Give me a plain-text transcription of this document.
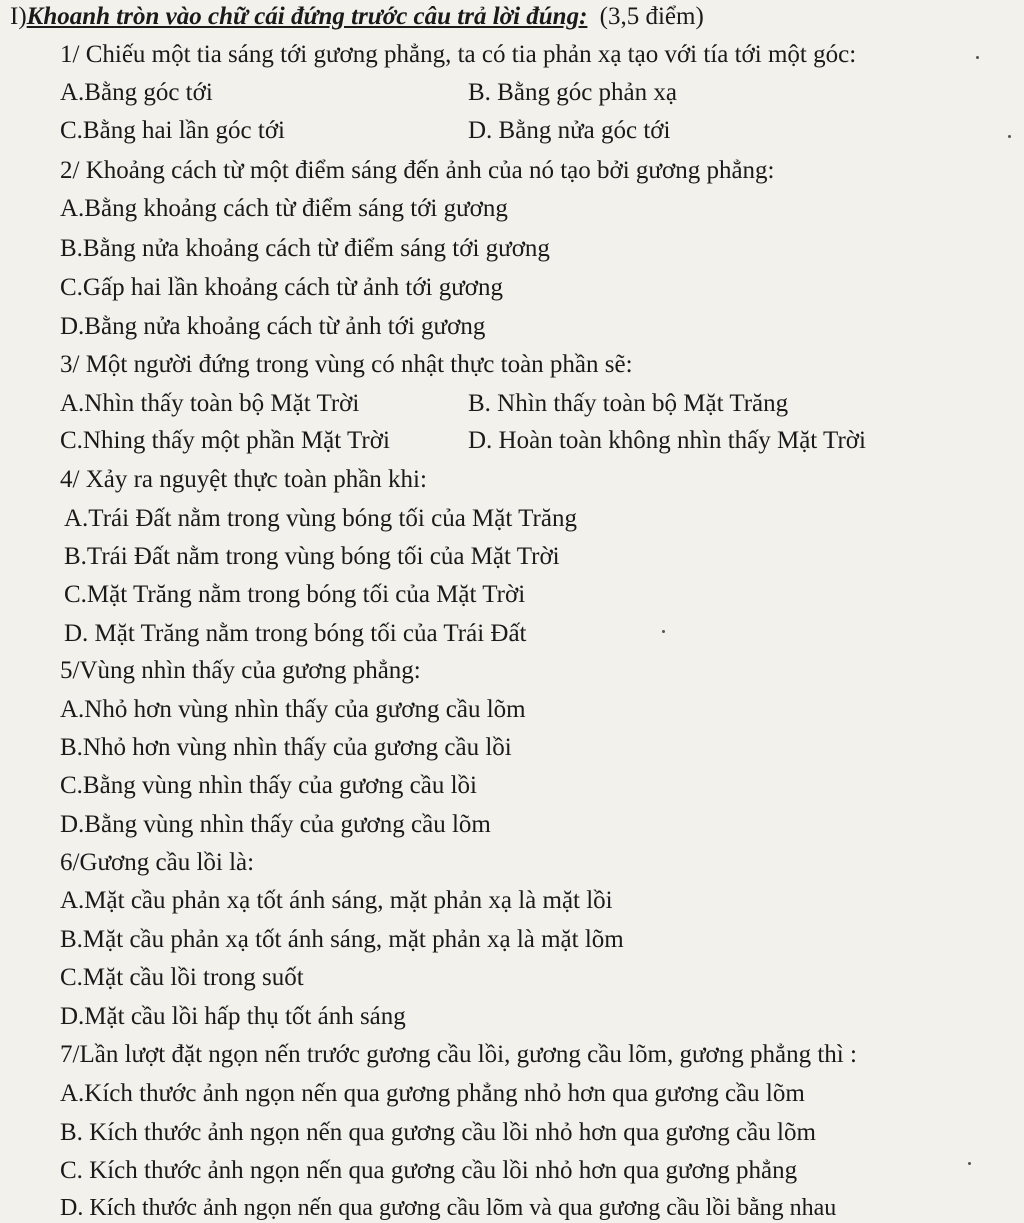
I)Khoanh tròn vào chữ cái đứng trước câu trả lời đúng: (3,5 điểm)
1/ Chiếu một tia sáng tới gương phẳng, ta có tia phản xạ tạo với tía tới một góc:
A.Bằng góc tới	B. Bằng góc phản xạ
C.Bằng hai lần góc tới	D. Bằng nửa góc tới
2/ Khoảng cách từ một điểm sáng đến ảnh của nó tạo bởi gương phẳng:
A.Bằng khoảng cách từ điểm sáng tới gương
B.Bằng nửa khoảng cách từ điểm sáng tới gương
C.Gấp hai lần khoảng cách từ ảnh tới gương
D.Bằng nửa khoảng cách từ ảnh tới gương
3/ Một người đứng trong vùng có nhật thực toàn phần sẽ:
A.Nhìn thấy toàn bộ Mặt Trời	B. Nhìn thấy toàn bộ Mặt Trăng
C.Nhing thấy một phần Mặt Trời	D. Hoàn toàn không nhìn thấy Mặt Trời
4/ Xảy ra nguyệt thực toàn phần khi:
A.Trái Đất nằm trong vùng bóng tối của Mặt Trăng
B.Trái Đất nằm trong vùng bóng tối của Mặt Trời
C.Mặt Trăng nằm trong bóng tối của Mặt Trời
D. Mặt Trăng nằm trong bóng tối của Trái Đất
5/Vùng nhìn thấy của gương phẳng:
A.Nhỏ hơn vùng nhìn thấy của gương cầu lõm
B.Nhỏ hơn vùng nhìn thấy của gương cầu lồi
C.Bằng vùng nhìn thấy của gương cầu lồi
D.Bằng vùng nhìn thấy của gương cầu lõm
6/Gương cầu lồi là:
A.Mặt cầu phản xạ tốt ánh sáng, mặt phản xạ là mặt lồi
B.Mặt cầu phản xạ tốt ánh sáng, mặt phản xạ là mặt lõm
C.Mặt cầu lồi trong suốt
D.Mặt cầu lồi hấp thụ tốt ánh sáng
7/Lần lượt đặt ngọn nến trước gương cầu lồi, gương cầu lõm, gương phẳng thì :
A.Kích thước ảnh ngọn nến qua gương phẳng nhỏ hơn qua gương cầu lõm
B. Kích thước ảnh ngọn nến qua gương cầu lồi nhỏ hơn qua gương cầu lõm
C. Kích thước ảnh ngọn nến qua gương cầu lồi nhỏ hơn qua gương phẳng
D. Kích thước ảnh ngọn nến qua gương cầu lõm và qua gương cầu lồi bằng nhau
